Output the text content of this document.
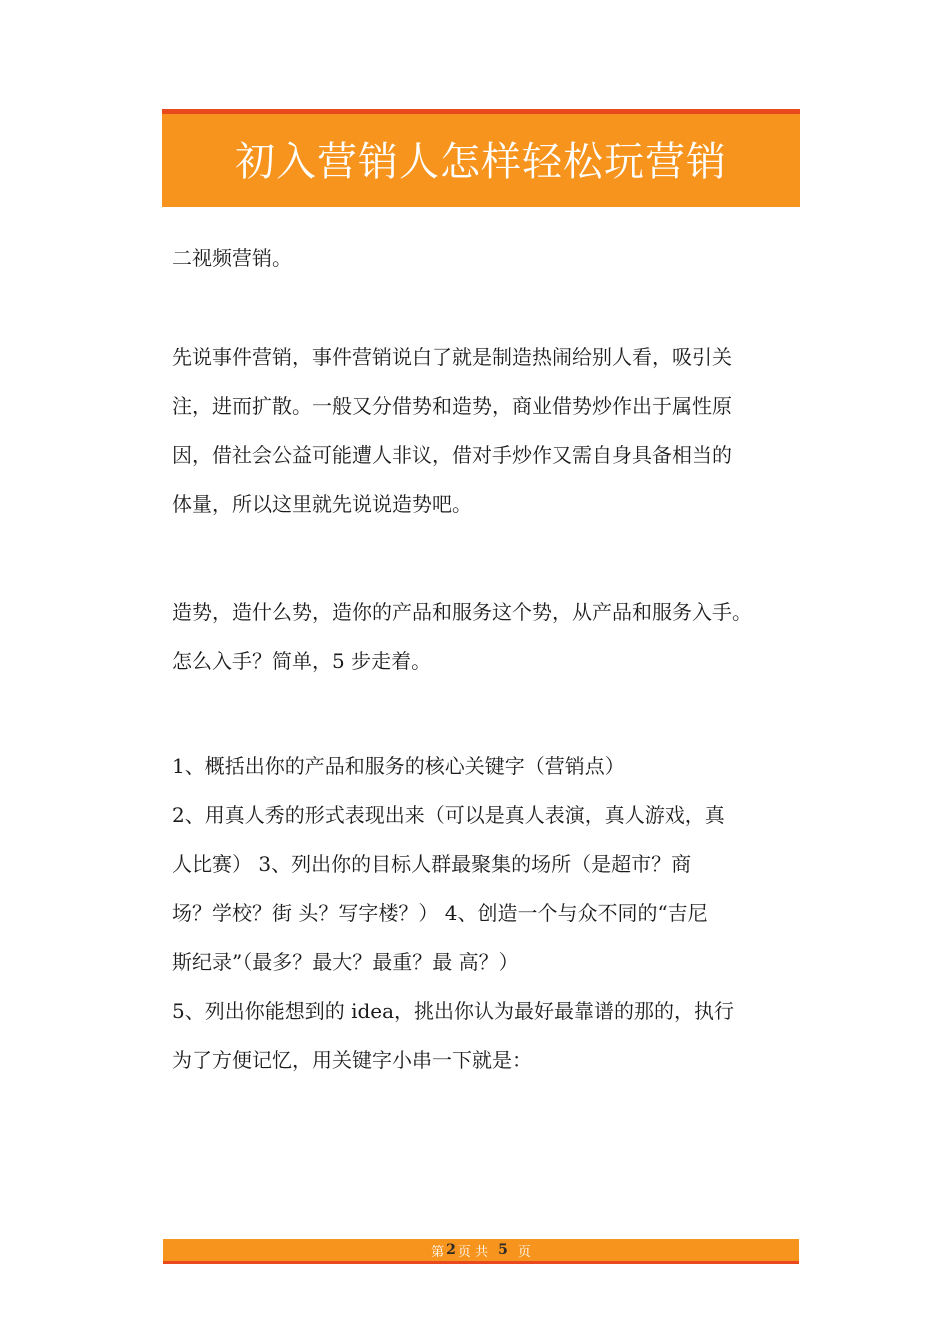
初入营销人怎样轻松玩营销

二视频营销。

先说事件营销，事件营销说白了就是制造热闹给别人看，吸引关
注，进而扩散。一般又分借势和造势，商业借势炒作出于属性原
因，借社会公益可能遭人非议，借对手炒作又需自身具备相当的
体量，所以这里就先说说造势吧。

造势，造什么势，造你的产品和服务这个势，从产品和服务入手。
怎么入手？简单，5 步走着。

1、概括出你的产品和服务的核心关键字（营销点）
2、用真人秀的形式表现出来（可以是真人表演，真人游戏，真
人比赛） 3、列出你的目标人群最聚集的场所（是超市？商
场？学校？街 头？写字楼？） 4、创造一个与众不同的“吉尼
斯纪录”（最多？最大？最重？最 高？）
5、列出你能想到的 idea，挑出你认为最好最靠谱的那的，执行
为了方便记忆，用关键字小串一下就是：

第 2 页 共 5 页
